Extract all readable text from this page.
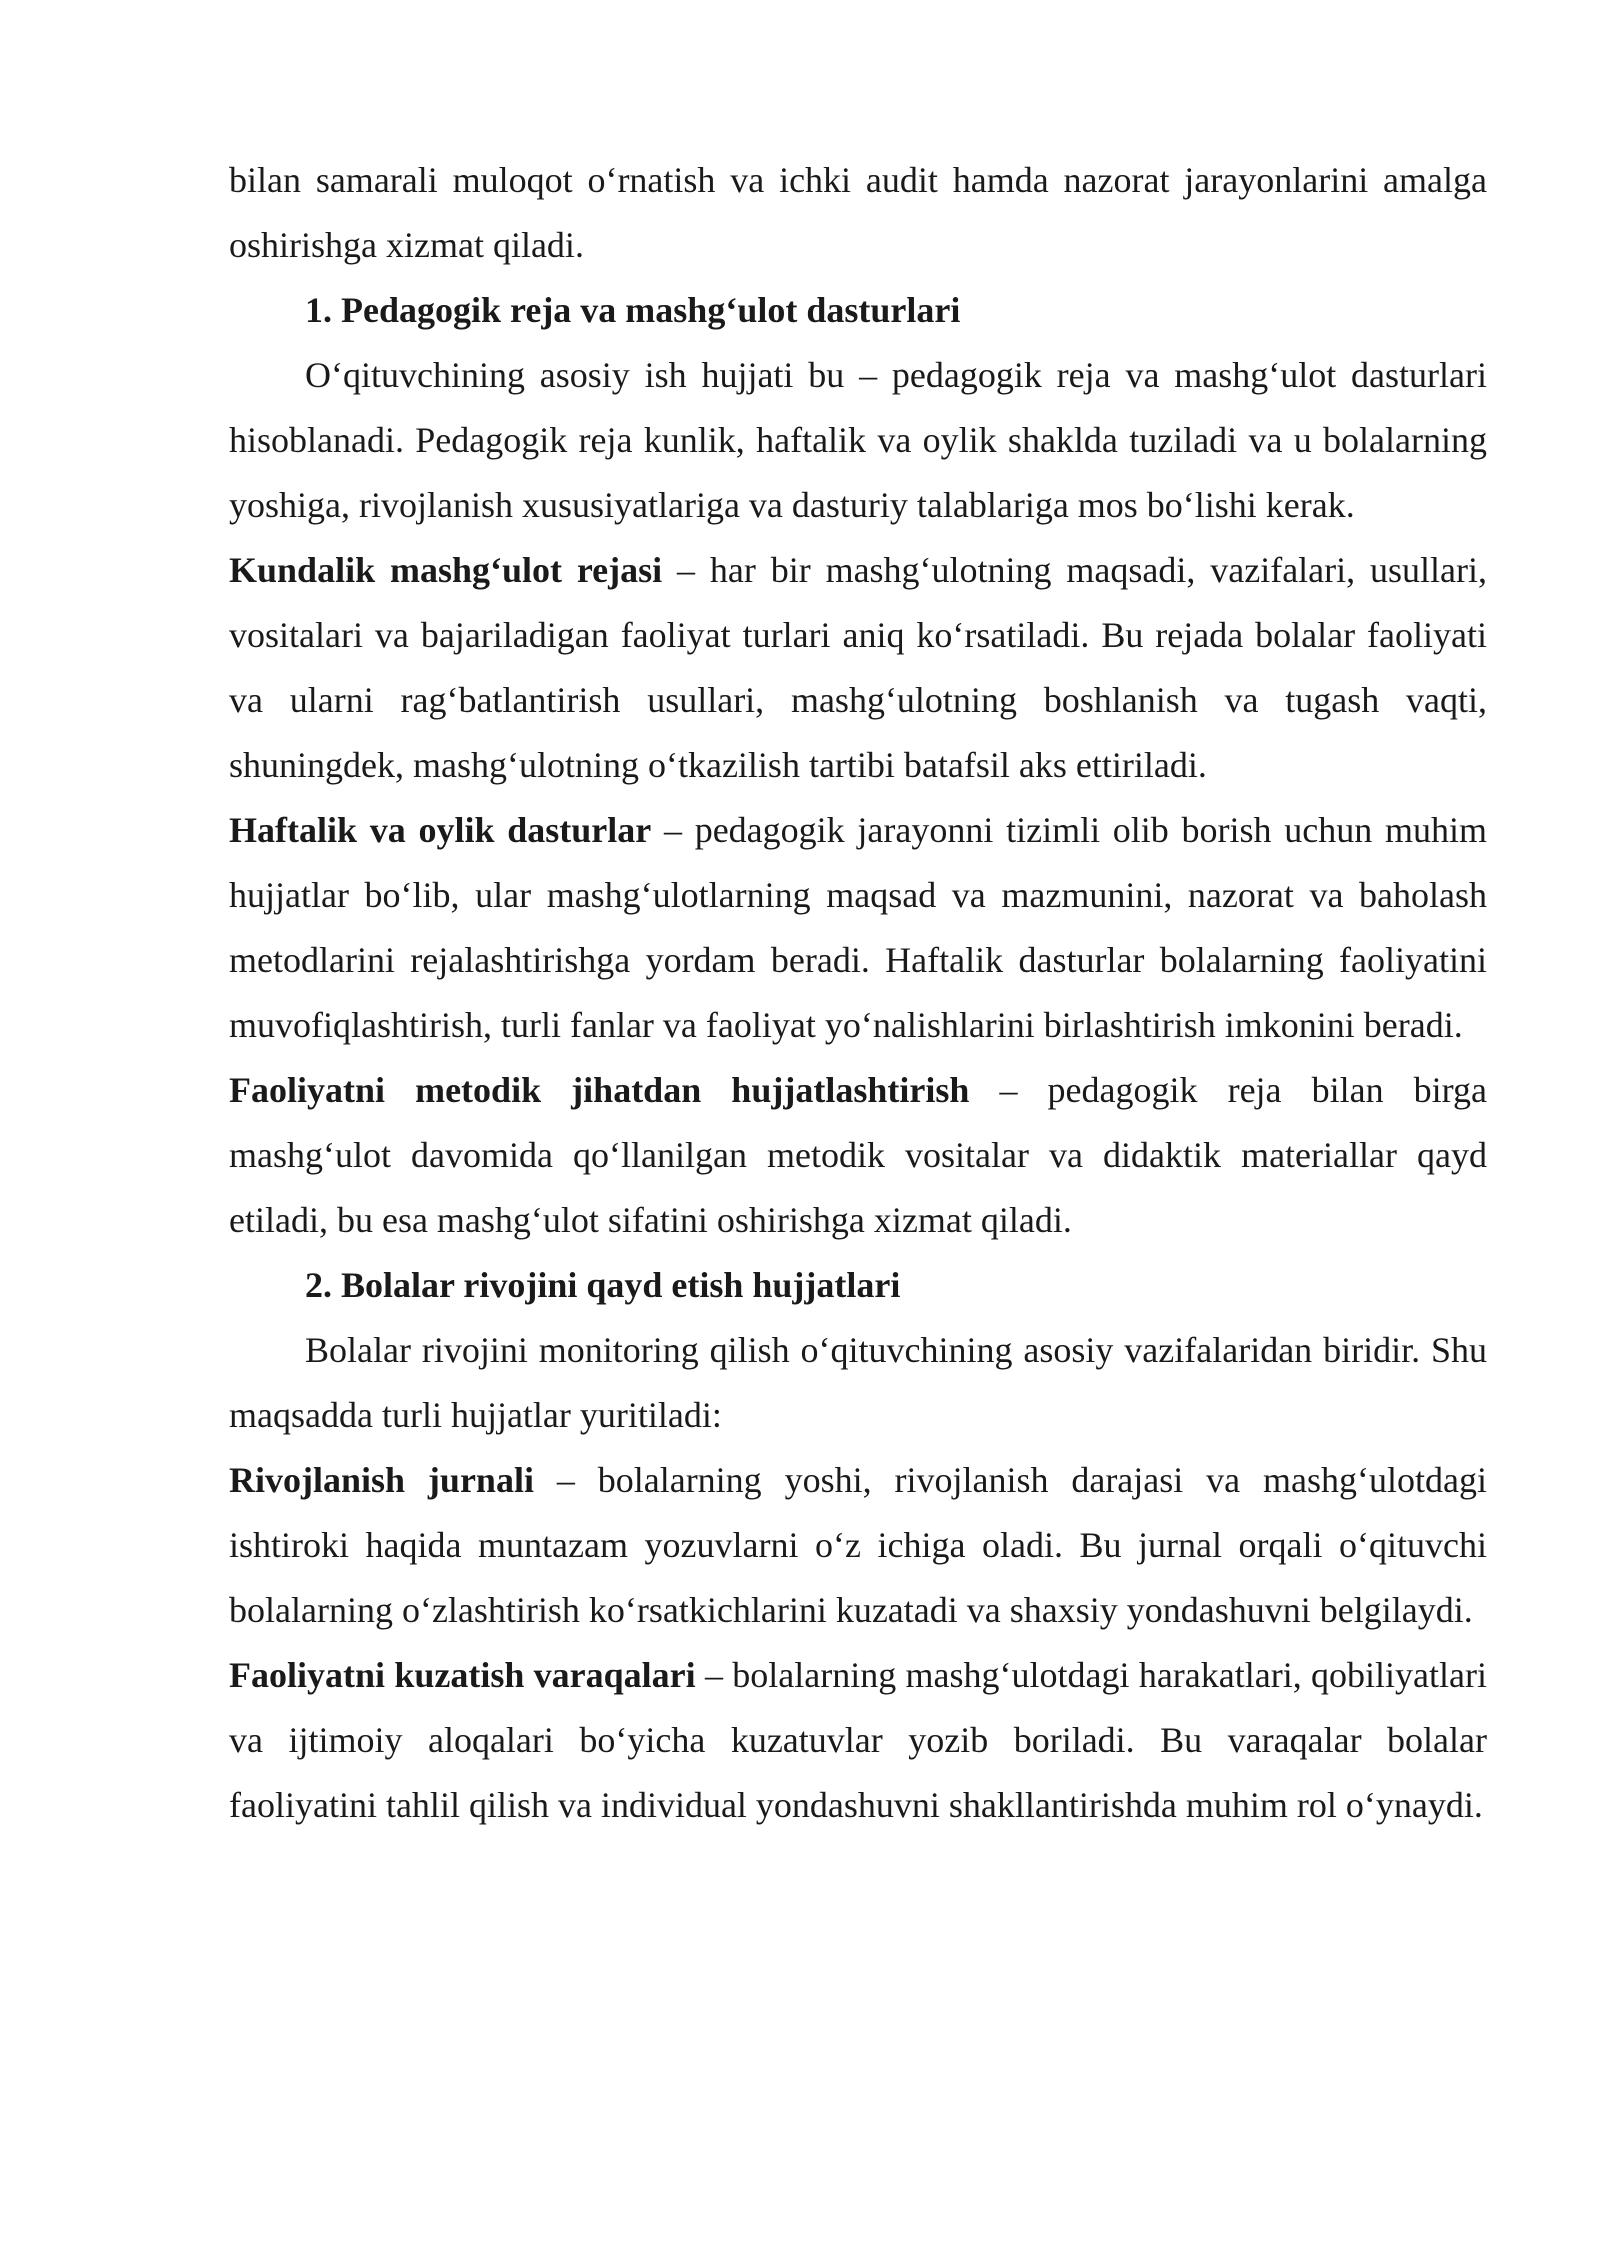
bilan samarali muloqot o‘rnatish va ichki audit hamda nazorat jarayonlarini amalga oshirishga xizmat qiladi.

1. Pedagogik reja va mashg‘ulot dasturlari

O‘qituvchining asosiy ish hujjati bu – pedagogik reja va mashg‘ulot dasturlari hisoblanadi. Pedagogik reja kunlik, haftalik va oylik shaklda tuziladi va u bolalarning yoshiga, rivojlanish xususiyatlariga va dasturiy talablariga mos bo‘lishi kerak.

Kundalik mashg‘ulot rejasi – har bir mashg‘ulotning maqsadi, vazifalari, usullari, vositalari va bajariladigan faoliyat turlari aniq ko‘rsatiladi. Bu rejada bolalar faoliyati va ularni rag‘batlantirish usullari, mashg‘ulotning boshlanish va tugash vaqti, shuningdek, mashg‘ulotning o‘tkazilish tartibi batafsil aks ettiriladi.

Haftalik va oylik dasturlar – pedagogik jarayonni tizimli olib borish uchun muhim hujjatlar bo‘lib, ular mashg‘ulotlarning maqsad va mazmunini, nazorat va baholash metodlarini rejalashtirishga yordam beradi. Haftalik dasturlar bolalarning faoliyatini muvofiqlashtirish, turli fanlar va faoliyat yo‘nalishlarini birlashtirish imkonini beradi.

Faoliyatni metodik jihatdan hujjatlashtirish – pedagogik reja bilan birga mashg‘ulot davomida qo‘llanilgan metodik vositalar va didaktik materiallar qayd etiladi, bu esa mashg‘ulot sifatini oshirishga xizmat qiladi.

2. Bolalar rivojini qayd etish hujjatlari

Bolalar rivojini monitoring qilish o‘qituvchining asosiy vazifalaridan biridir. Shu maqsadda turli hujjatlar yuritiladi:

Rivojlanish jurnali – bolalarning yoshi, rivojlanish darajasi va mashg‘ulotdagi ishtiroki haqida muntazam yozuvlarni o‘z ichiga oladi. Bu jurnal orqali o‘qituvchi bolalarning o‘zlashtirish ko‘rsatkichlarini kuzatadi va shaxsiy yondashuvni belgilaydi.

Faoliyatni kuzatish varaqalari – bolalarning mashg‘ulotdagi harakatlari, qobiliyatlari va ijtimoiy aloqalari bo‘yicha kuzatuvlar yozib boriladi. Bu varaqalar bolalar faoliyatini tahlil qilish va individual yondashuvni shakllantirishda muhim rol o‘ynaydi.
